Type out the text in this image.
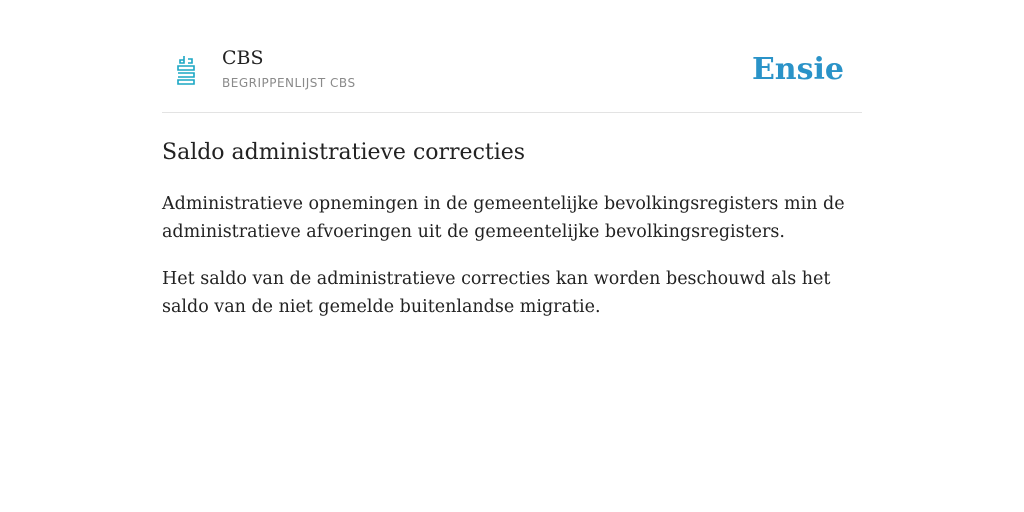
CBS
BEGRIPPENLIJST CBS	Ensie
Saldo administratieve correcties

Administratieve opnemingen in de gemeentelijke bevolkingsregisters min de administratieve afvoeringen uit de gemeentelijke bevolkingsregisters.

Het saldo van de administratieve correcties kan worden beschouwd als het saldo van de niet gemelde buitenlandse migratie.
